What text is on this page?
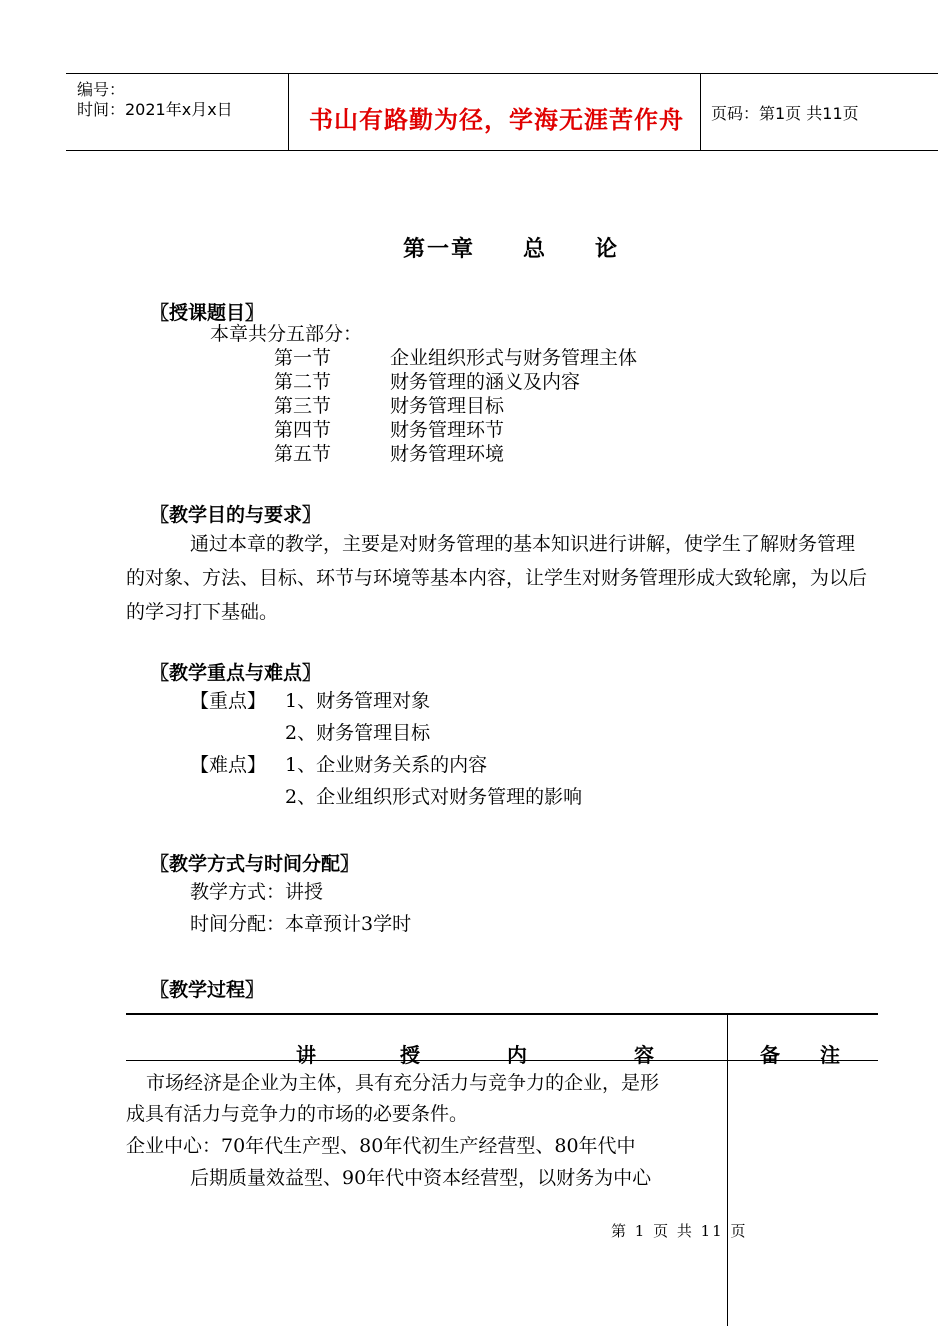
编号：
时间：2021年x月x日	书山有路勤为径，学海无涯苦作舟 页码：第1页 共11页
第一章　　总　　论
〖授课题目〗
本章共分五部分：
第一节	企业组织形式与财务管理主体
第二节	财务管理的涵义及内容
第三节	财务管理目标
第四节	财务管理环节
第五节	财务管理环境
〖教学目的与要求〗
通过本章的教学，主要是对财务管理的基本知识进行讲解，使学生了解财务管理的对象、方法、目标、环节与环境等基本内容，让学生对财务管理形成大致轮廓，为以后的学习打下基础。
〖教学重点与难点〗
【重点】 1、财务管理对象
2、财务管理目标
【难点】 1、企业财务关系的内容
2、企业组织形式对财务管理的影响
〖教学方式与时间分配〗
教学方式：讲授
时间分配：本章预计3学时
〖教学过程〗
讲	授	内	容	备　　注
市场经济是企业为主体，具有充分活力与竞争力的企业，是形
成具有活力与竞争力的市场的必要条件。
企业中心：70年代生产型、80年代初生产经营型、80年代中
后期质量效益型、90年代中资本经营型，以财务为中心
第 1 页 共 11 页
